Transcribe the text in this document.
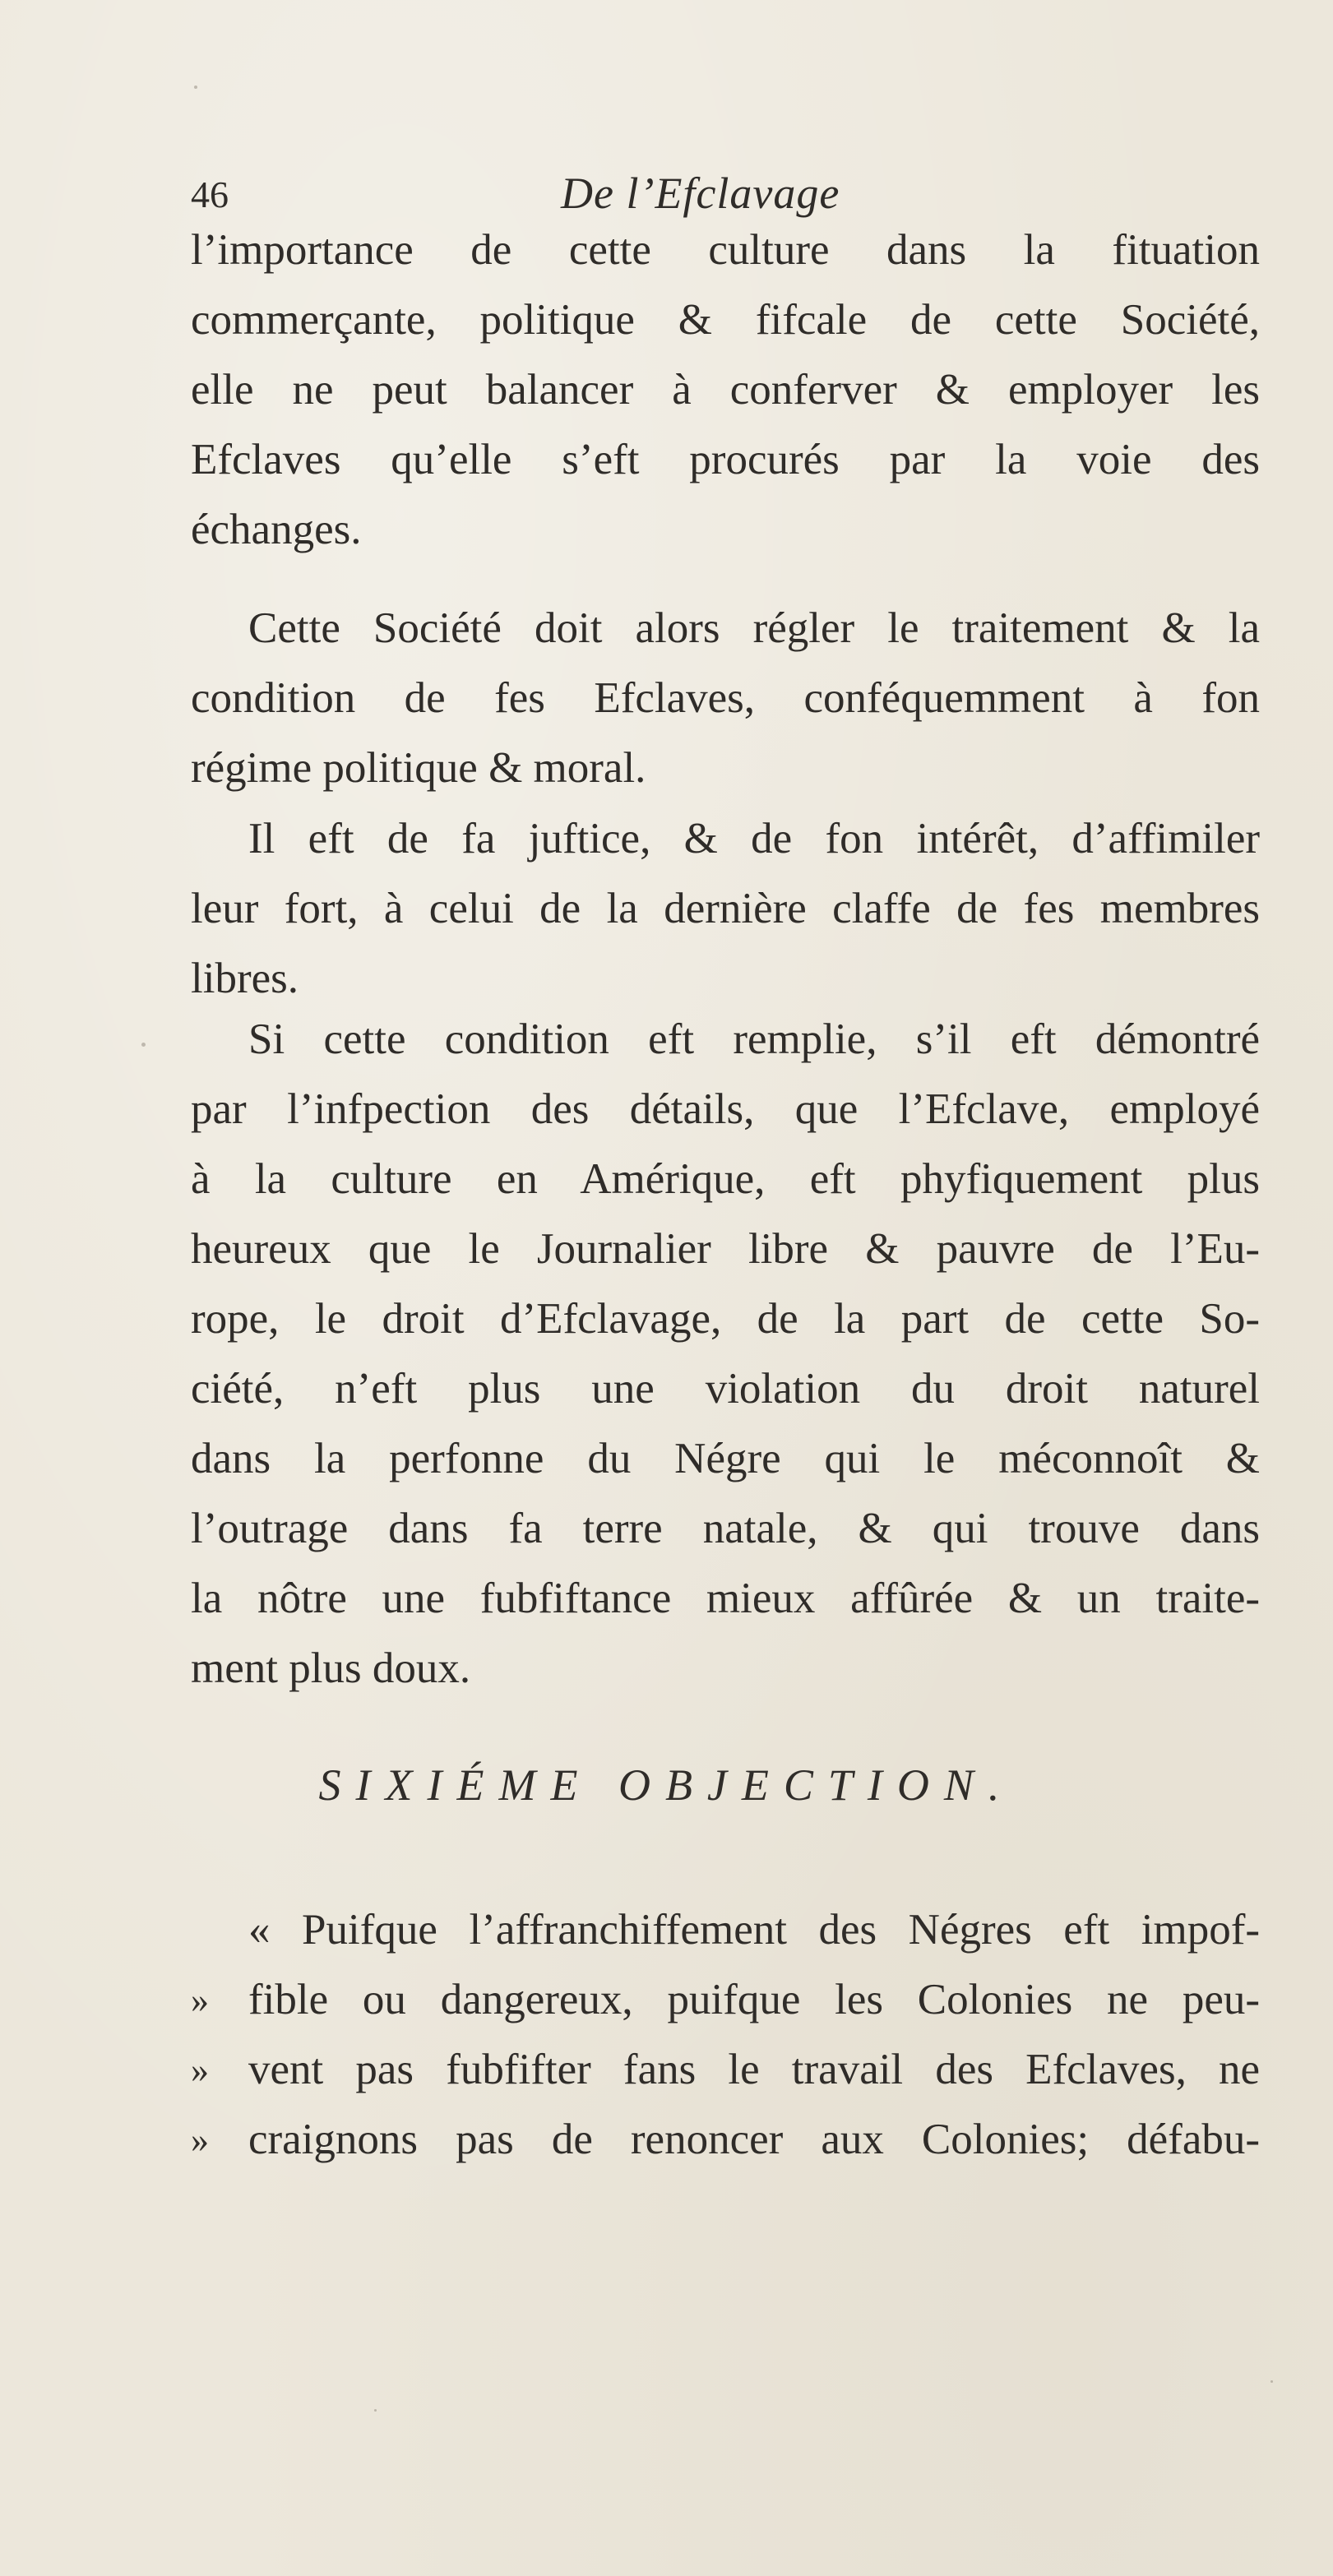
46	De l’Efclavage
l’importance de cette culture dans la fituation
commerçante, politique & fifcale de cette Société,
elle ne peut balancer à conferver & employer les
Efclaves qu’elle s’eft procurés par la voie des
échanges.
Cette Société doit alors régler le traitement & la
condition de fes Efclaves, conféquemment à fon
régime politique & moral.
Il eft de fa juftice, & de fon intérêt, d’affimiler
leur fort, à celui de la dernière claffe de fes membres
libres.
Si cette condition eft remplie, s’il eft démontré
par l’infpection des détails, que l’Efclave, employé
à la culture en Amérique, eft phyfiquement plus
heureux que le Journalier libre & pauvre de l’Eu-
rope, le droit d’Efclavage, de la part de cette So-
ciété, n’eft plus une violation du droit naturel
dans la perfonne du Négre qui le méconnoît &
l’outrage dans fa terre natale, & qui trouve dans
la nôtre une fubfiftance mieux affûrée & un traite-
ment plus doux.
SIXIÉME OBJECTION.
« Puifque l’affranchiffement des Négres eft impof-
» fible ou dangereux, puifque les Colonies ne peu-
» vent pas fubfifter fans le travail des Efclaves, ne
» craignons pas de renoncer aux Colonies; défabu-
